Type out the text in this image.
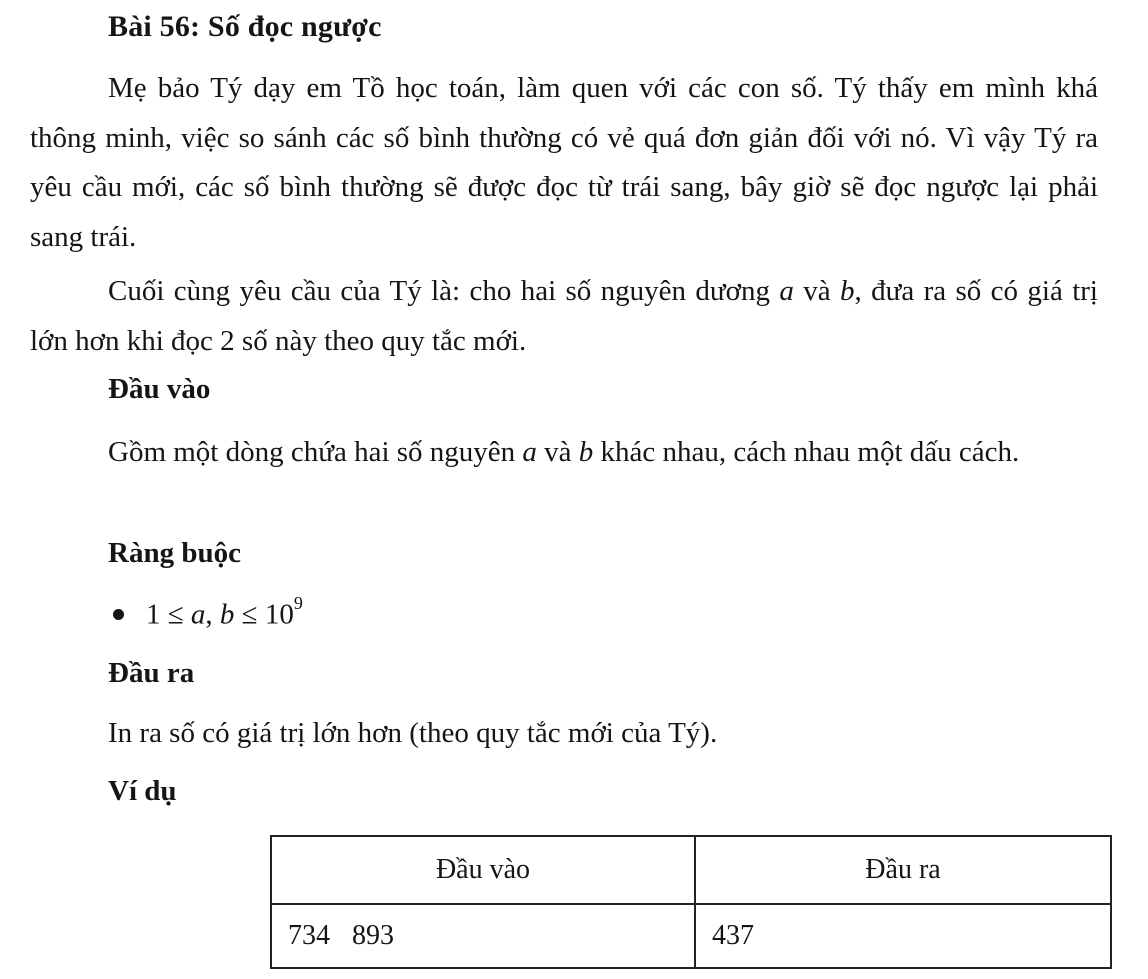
Bài 56: Số đọc ngược

Mẹ bảo Tý dạy em Tồ học toán, làm quen với các con số. Tý thấy em mình khá thông minh, việc so sánh các số bình thường có vẻ quá đơn giản đối với nó. Vì vậy Tý ra yêu cầu mới, các số bình thường sẽ được đọc từ trái sang, bây giờ sẽ đọc ngược lại phải sang trái.

Cuối cùng yêu cầu của Tý là: cho hai số nguyên dương a và b, đưa ra số có giá trị lớn hơn khi đọc 2 số này theo quy tắc mới.

Đầu vào

Gồm một dòng chứa hai số nguyên a và b khác nhau, cách nhau một dấu cách.

Ràng buộc
1 ≤ a, $b \le 10^9$
Đầu ra
In ra số có giá trị lớn hơn (theo quy tắc mới của Tý).
Ví dụ
Đầu vào	Đầu ra
734 893	437
